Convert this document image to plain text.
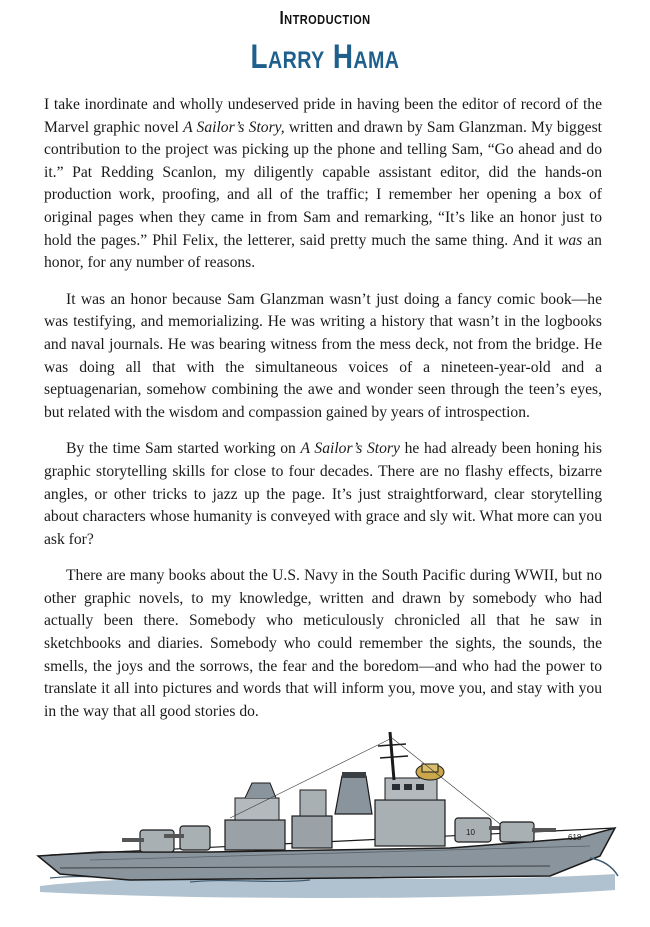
Introduction
Larry Hama

I take inordinate and wholly undeserved pride in having been the editor of record of the Marvel graphic novel A Sailor’s Story, written and drawn by Sam Glanzman. My biggest contribution to the project was picking up the phone and telling Sam, “Go ahead and do it.” Pat Redding Scanlon, my diligently capable assistant editor, did the hands-on production work, proofing, and all of the traffic; I remember her opening a box of original pages when they came in from Sam and remarking, “It’s like an honor just to hold the pages.” Phil Felix, the letterer, said pretty much the same thing. And it was an honor, for any number of reasons.

It was an honor because Sam Glanzman wasn’t just doing a fancy comic book—he was testifying, and memorializing. He was writing a history that wasn’t in the logbooks and naval journals. He was bearing witness from the mess deck, not from the bridge. He was doing all that with the simultaneous voices of a nineteen-year-old and a septuagenarian, somehow combining the awe and wonder seen through the teen’s eyes, but related with the wisdom and compassion gained by years of introspection.

By the time Sam started working on A Sailor’s Story he had already been honing his graphic storytelling skills for close to four decades. There are no flashy effects, bizarre angles, or other tricks to jazz up the page. It’s just straightforward, clear storytelling about characters whose humanity is conveyed with grace and sly wit. What more can you ask for?

There are many books about the U.S. Navy in the South Pacific during WWII, but no other graphic novels, to my knowledge, written and drawn by somebody who had actually been there. Somebody who meticulously chronicled all that he saw in sketchbooks and diaries. Somebody who could remember the sights, the sounds, the smells, the joys and the sorrows, the fear and the boredom—and who had the power to translate it all into pictures and words that will inform you, move you, and stay with you in the way that all good stories do.

10
618
